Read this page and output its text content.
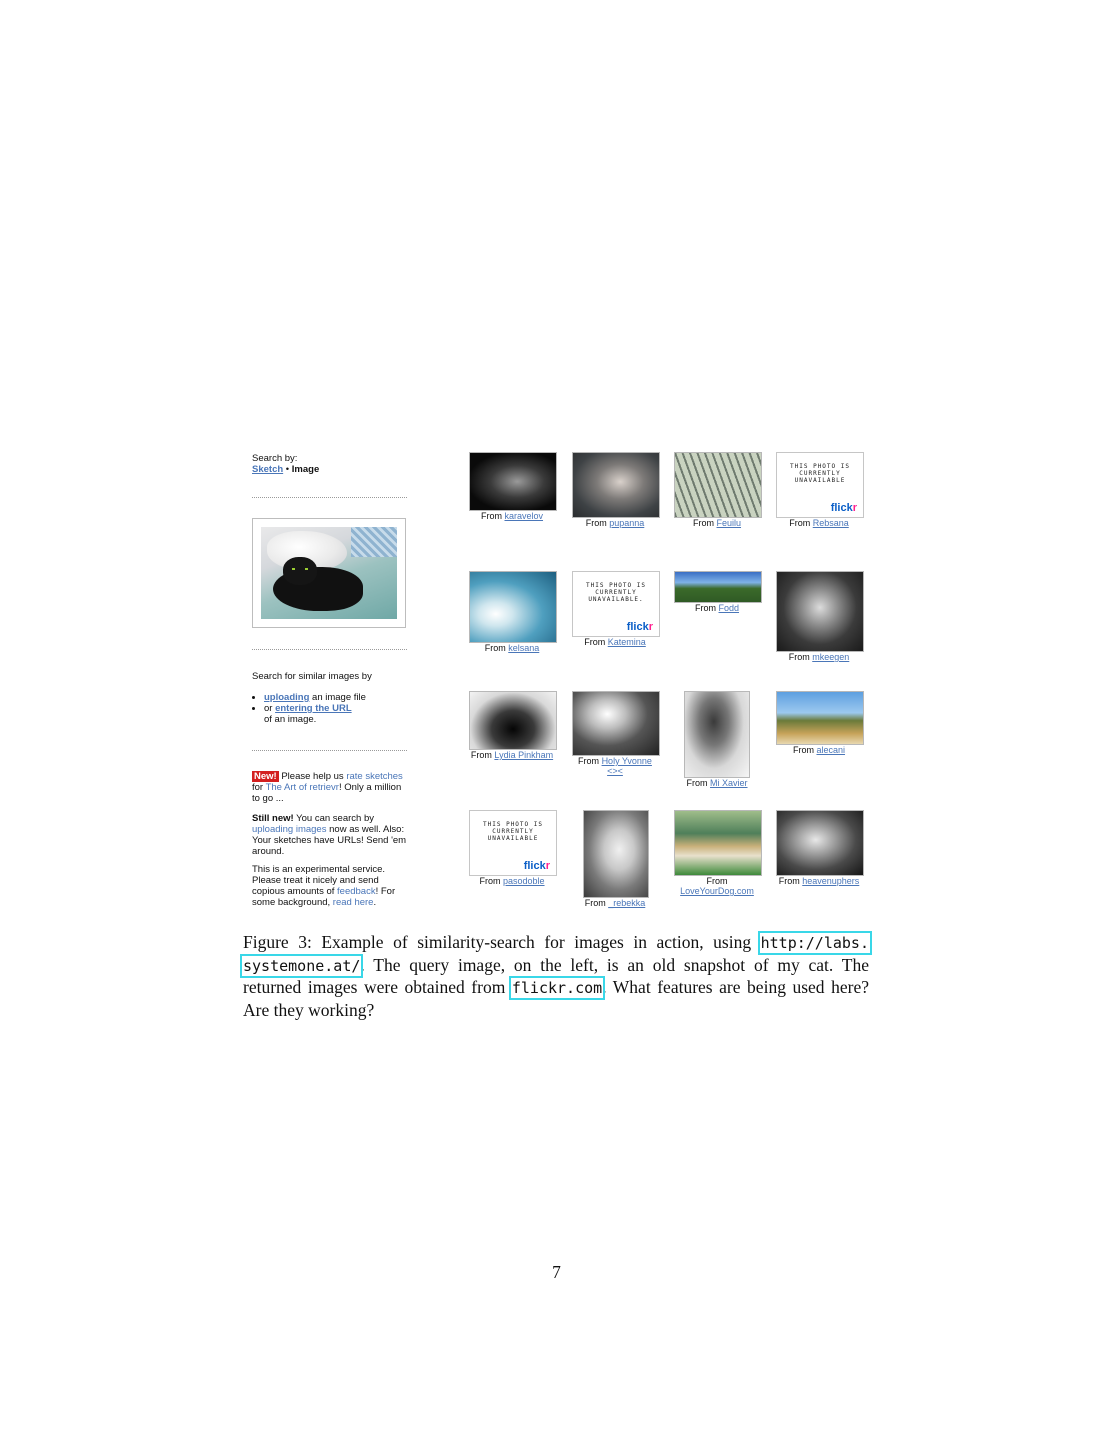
Search by:
Sketch • Image
Search for similar images by
• uploading an image file
• or entering the URL
of an image.
New! Please help us rate sketches
for The Art of retrievr! Only a million to go ...
Still new! You can search by uploading images now as well. Also: Your sketches have URLs! Send 'em around.
This is an experimental service. Please treat it nicely and send copious amounts of feedback! For some background, read here.
From karavelov
From pupanna	From Feuilu
THIS PHOTO IS
CURRENTLY
UNAVAILABLE
flickr
From Rebsana
From kelsana
THIS PHOTO IS
CURRENTLY
UNAVAILABLE.
flickr
From Katemina
From Fodd
From mkeegen
From Lydia Pinkham
From Holy Yvonne
<><
From Mi Xavier
From alecani
THIS PHOTO IS
CURRENTLY
UNAVAILABLE
flickr
From pasodoble
From _rebekka
From
LoveYourDog.com
From heavenuphers
Figure 3: Example of similarity-search for images in action, using http://labs. systemone.at/. The query image, on the left, is an old snapshot of my cat. The returned images were obtained from flickr.com. What features are being used here? Are they working?
7
